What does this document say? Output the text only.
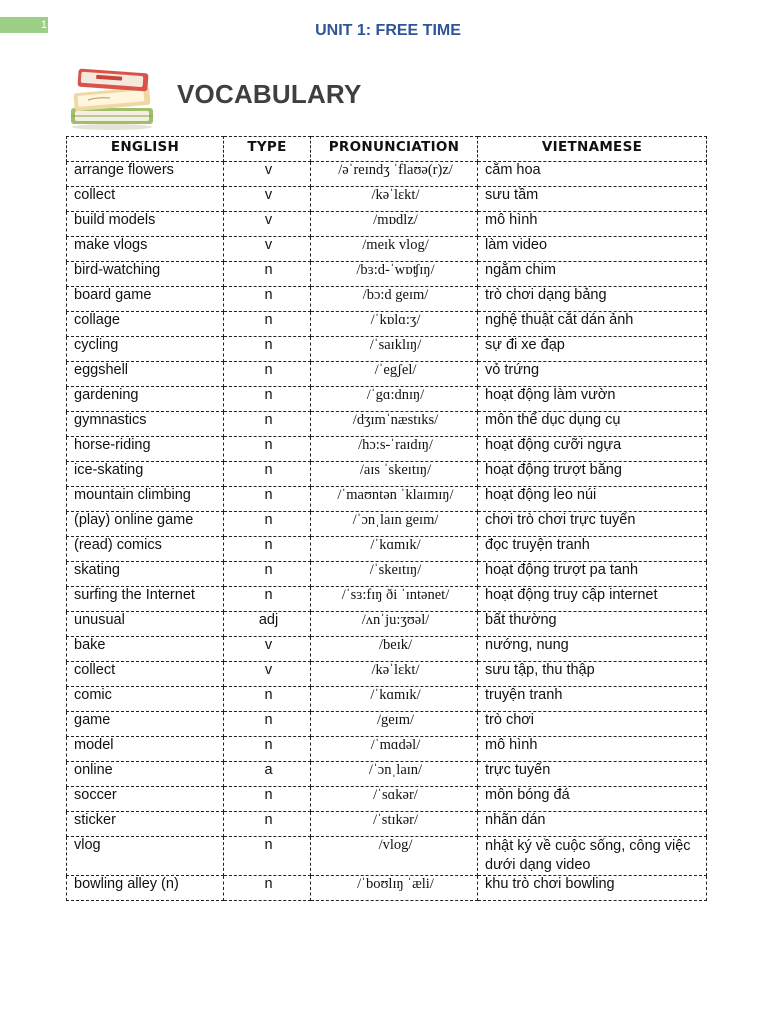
1	UNIT 1: FREE TIME
VOCABULARY
ENGLISH	TYPE	PRONUNCIATION	VIETNAMESE
arrange flowers	v	/əˈreɪndʒ ˈflaʊə(r)z/	cắm hoa
collect	v	/kəˈlɛkt/	sưu tầm
build models	v	/mɒdlz/	mô hình
make vlogs	v	/meɪk vlog/	làm video
bird-watching	n	/bɜ:d-ˈwɒʧɪŋ/	ngắm chim
board game	n	/bɔ:d geɪm/	trò chơi dạng bảng
collage	n	/ˈkɒlɑ:ʒ/	nghệ thuật cắt dán ảnh
cycling	n	/ˈsaɪklɪŋ/	sự đi xe đạp
eggshell	n	/ˈegʃel/	vỏ trứng
gardening	n	/ˈgɑ:dnɪŋ/	hoạt động làm vườn
gymnastics	n	/dʒɪmˈnæstɪks/	môn thể dục dụng cụ
horse-riding	n	/hɔ:s-ˈraɪdɪŋ/	hoạt động cưỡi ngựa
ice-skating	n	/aɪs ˈskeɪtɪŋ/	hoạt động trượt băng
mountain climbing	n	/ˈmaʊntən ˈklaɪmɪŋ/	hoạt động leo núi
(play) online game	n	/ˈɔnˌlaɪn geɪm/	chơi trò chơi trực tuyến
(read) comics	n	/ˈkɑmɪk/	đọc truyện tranh
skating	n	/ˈskeɪtɪŋ/	hoạt động trượt pa tanh
surfing the Internet	n	/ˈsɜ:fɪŋ ði ˈɪntənet/	hoạt động truy cập internet
unusual	adj	/ʌnˈju:ʒʊəl/	bất thường
bake	v	/beɪk/	nướng, nung
collect	v	/kəˈlɛkt/	sưu tập, thu thập
comic	n	/ˈkɑmɪk/	truyện tranh
game	n	/geɪm/	trò chơi
model	n	/ˈmɑdəl/	mô hình
online	a	/ˈɔnˌlaɪn/	trực tuyến
soccer	n	/ˈsɑkər/	môn bóng đá
sticker	n	/ˈstɪkər/	nhãn dán
vlog	n	/vlog/	nhật ký về cuộc sống, công việc dưới dạng video
bowling alley (n)	n	/ˈboʊlɪŋ ˈæli/	khu trò chơi bowling
